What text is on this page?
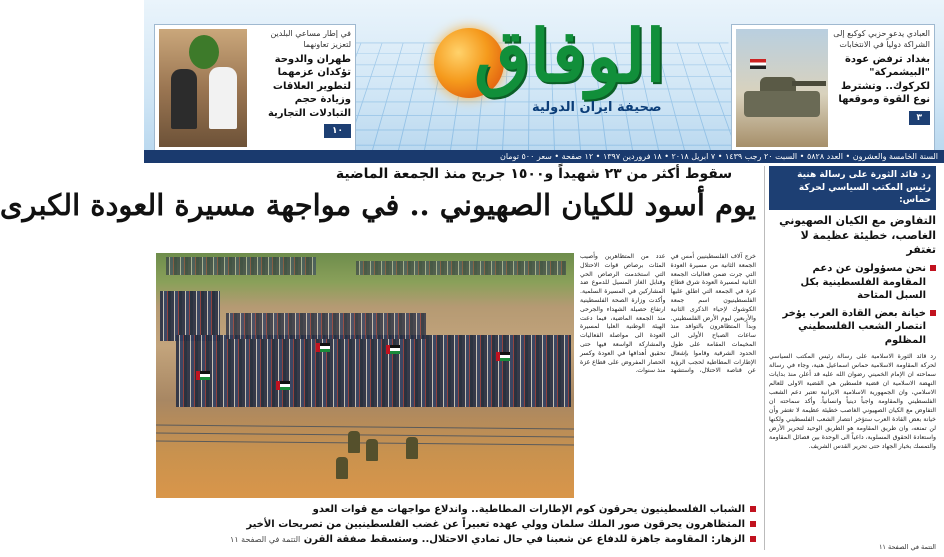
الوفاق
صحيفة ايران الدولية
في إطار مساعي البلدين لتعزيز تعاونهما
طهران والدوحة تؤكدان عزمهما لتطوير العلاقات وزيادة حجم التبادلات التجارية
١٠
العبادي يدعو حزبي كوكبع إلى الشراكة دولياً في الانتخابات
بغداد ترفض عودة "البيشمركة" لكركوك.. وتشترط نوع القوة وموقعها
٣
السنة الخامسة والعشرون • العدد ٥٨٢٨ • السبت ٢٠ رجب ١٤٣٩ • ٧ ابريل ٢٠١٨ • ١٨ فروردين ١٣٩٧ • ١٢ صفحة • سعر ٥٠٠ تومان
سقوط أكثر من ٢٣ شهيداً و١٥٠٠ جريح منذ الجمعة الماضية
يوم أسود للكيان الصهيوني .. في مواجهة مسيرة العودة الكبرى
خرج آلاف الفلسطينيين أمس في الجمعة الثانية من مسيرة العودة التي جرت ضمن فعاليات الجمعة الثانية لمسيرة العودة شرق قطاع غزة في الجمعة التي اطلق عليها الفلسطينيون اسم جمعة الكوشوك لإحياء الذكرى الثانية والأربعين ليوم الأرض الفلسطيني. وبدأ المتظاهرون بالتوافد منذ ساعات الصباح الأولى الى المخيمات المقامة على طول الحدود الشرقية وقاموا بإشعال الإطارات المطاطية لحجب الرؤية عن قناصة الاحتلال، واستشهد عدد من المتظاهرين وأصيب المئات برصاص قوات الاحتلال التي استخدمت الرصاص الحي وقنابل الغاز المسيل للدموع ضد المشاركين في المسيرة السلمية. وأكدت وزارة الصحة الفلسطينية ارتفاع حصيلة الشهداء والجرحى منذ الجمعة الماضية، فيما دعت الهيئة الوطنية العليا لمسيرة العودة الى مواصلة الفعاليات والمشاركة الواسعة فيها حتى تحقيق أهدافها في العودة وكسر الحصار المفروض على قطاع غزة منذ سنوات.
رد قائد الثورة على رسالة هنية رئيس المكتب السياسي لحركة حماس:
التفاوض مع الكيان الصهيوني الغاصب، خطيئة عظيمة لا تغتفر
نحن مسؤولون عن دعم المقاومة الفلسطينية بكل السبل المتاحة
خيانة بعض القادة العرب يؤخر انتصار الشعب الفلسطيني المظلوم
رد قائد الثورة الاسلامية على رسالة رئيس المكتب السياسي لحركة المقاومة الاسلامية حماس اسماعيل هنية، وجاء في رسالة سماحته ان الإمام الخميني رضوان الله عليه قد أعلن منذ بدايات النهضة الاسلامية ان قضية فلسطين هي القضية الاولى للعالم الاسلامي، وان الجمهورية الاسلامية الايرانية تعتبر دعم الشعب الفلسطيني والمقاومة واجباً دينياً وانسانياً. وأكد سماحته ان التفاوض مع الكيان الصهيوني الغاصب خطيئة عظيمة لا تغتفر وأن خيانة بعض القادة العرب ستؤخر انتصار الشعب الفلسطيني ولكنها لن تمنعه، وان طريق المقاومة هو الطريق الوحيد لتحرير الأرض واستعادة الحقوق المسلوبة، داعياً الى الوحدة بين فصائل المقاومة والتمسك بخيار الجهاد حتى تحرير القدس الشريف.
التتمة في الصفحة ١١
الشباب الفلسطينيون يحرقون كوم الإطارات المطاطية.. واندلاع مواجهات مع قوات العدو
المتظاهرون يحرقون صور الملك سلمان وولي عهده تعبيراً عن غضب الفلسطينيين من تصريحات الأخير
الزهار: المقاومة جاهزة للدفاع عن شعبنا في حال تمادي الاحتلال.. وستسقط صفقة القرن التتمة في الصفحة ١١
